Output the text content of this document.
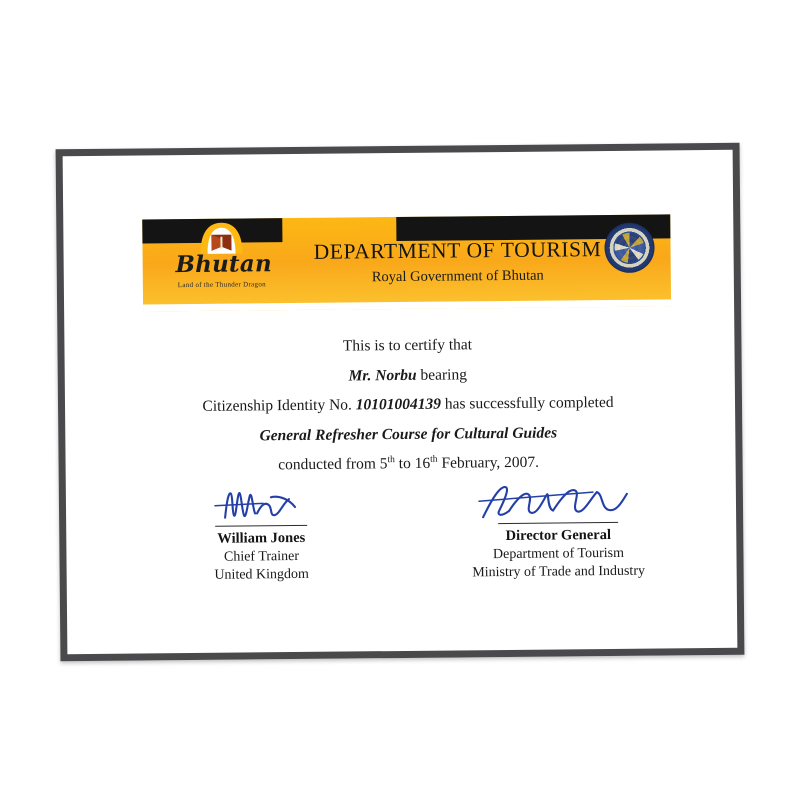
Bhutan
Land of the Thunder Dragon
DEPARTMENT OF TOURISM
Royal Government of Bhutan
This is to certify that
Mr. Norbu bearing
Citizenship Identity No. 10101004139 has successfully completed
General Refresher Course for Cultural Guides
conducted from 5th to 16th February, 2007.
William Jones
Chief Trainer
United Kingdom
Director General
Department of Tourism
Ministry of Trade and Industry
